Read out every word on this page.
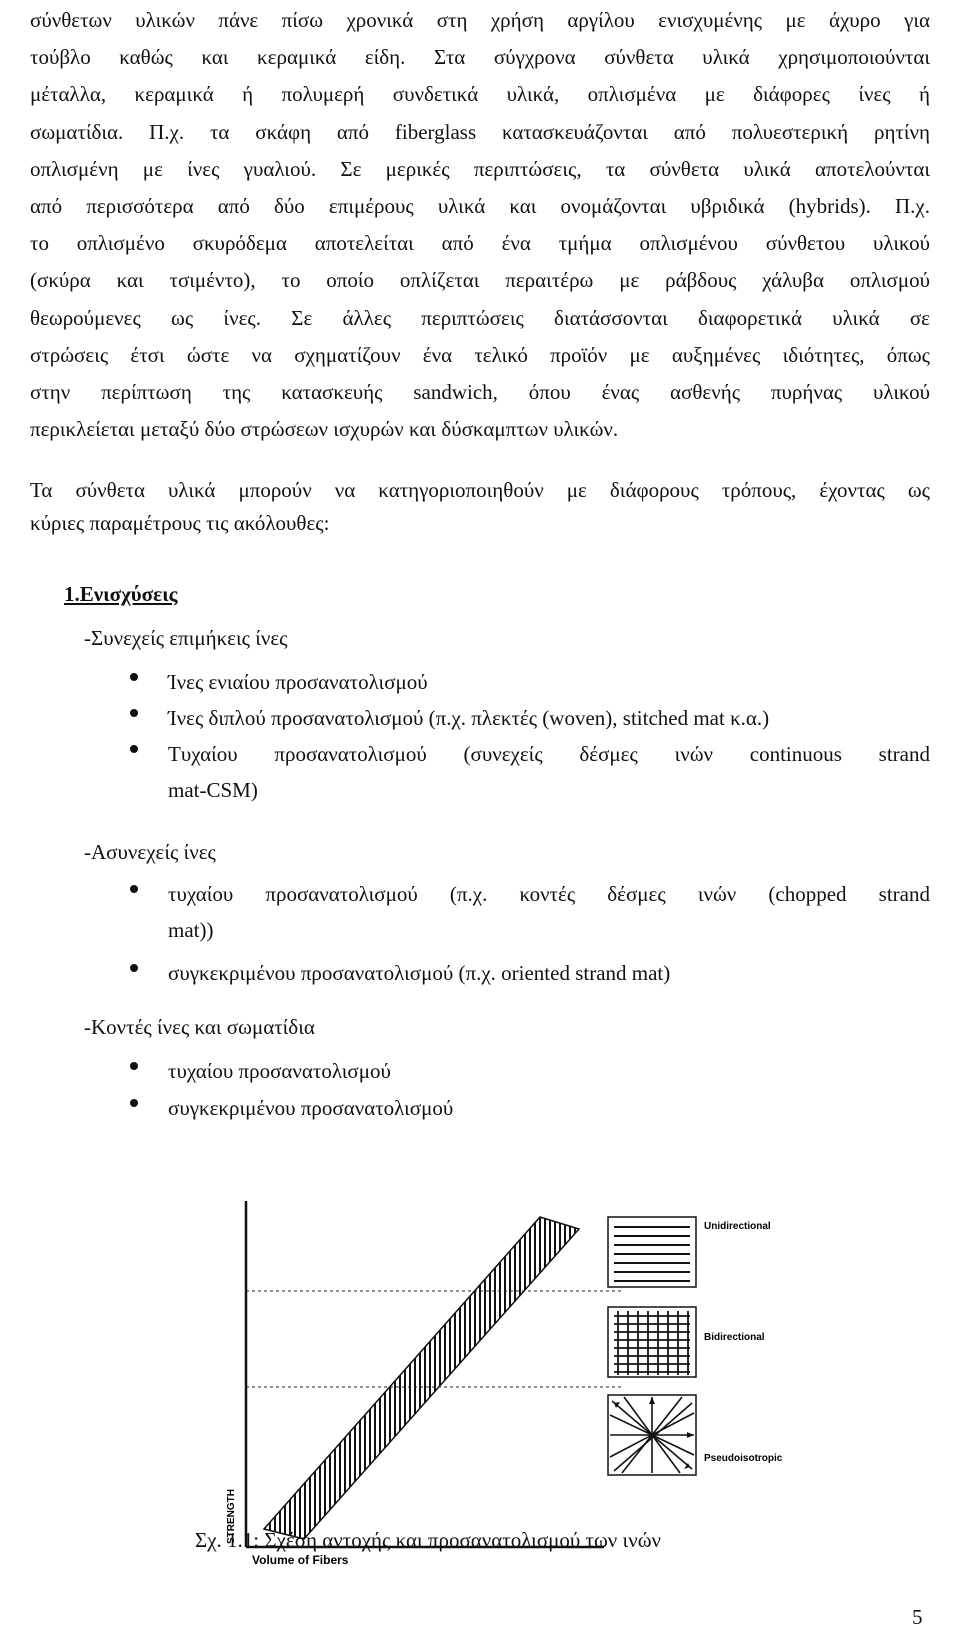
σύνθετων υλικών πάνε πίσω χρονικά στη χρήση αργίλου ενισχυμένης με άχυρο για
τούβλο καθώς και κεραμικά είδη. Στα σύγχρονα σύνθετα υλικά χρησιμοποιούνται
μέταλλα, κεραμικά ή πολυμερή συνδετικά υλικά, οπλισμένα με διάφορες ίνες ή
σωματίδια. Π.χ. τα σκάφη από fiberglass κατασκευάζονται από πολυεστερική ρητίνη
οπλισμένη με ίνες γυαλιού. Σε μερικές περιπτώσεις, τα σύνθετα υλικά αποτελούνται
από περισσότερα από δύο επιμέρους υλικά και ονομάζονται υβριδικά (hybrids). Π.χ.
το οπλισμένο σκυρόδεμα αποτελείται από ένα τμήμα οπλισμένου σύνθετου υλικού
(σκύρα και τσιμέντο), το οποίο οπλίζεται περαιτέρω με ράβδους χάλυβα οπλισμού
θεωρούμενες ως ίνες. Σε άλλες περιπτώσεις διατάσσονται διαφορετικά υλικά σε
στρώσεις έτσι ώστε να σχηματίζουν ένα τελικό προϊόν με αυξημένες ιδιότητες, όπως
στην περίπτωση της κατασκευής sandwich, όπου ένας ασθενής πυρήνας υλικού
περικλείεται μεταξύ δύο στρώσεων ισχυρών και δύσκαμπτων υλικών.
Τα σύνθετα υλικά μπορούν να κατηγοριοποιηθούν με διάφορους τρόπους, έχοντας ως
κύριες παραμέτρους τις ακόλουθες:
1.Ενισχύσεις
-Συνεχείς επιμήκεις ίνες
Ίνες ενιαίου προσανατολισμού
Ίνες διπλού προσανατολισμού (π.χ. πλεκτές (woven), stitched mat κ.α.)
Τυχαίου προσανατολισμού (συνεχείς δέσμες ινών continuous strand
mat-CSM)
-Ασυνεχείς ίνες
τυχαίου προσανατολισμού (π.χ. κοντές δέσμες ινών (chopped strand
mat))
συγκεκριμένου προσανατολισμού (π.χ. oriented strand mat)
-Κοντές ίνες και σωματίδια
τυχαίου προσανατολισμού
συγκεκριμένου προσανατολισμού
STRENGTH
Volume of Fibers
Unidirectional
Bidirectional
Pseudoisotropic
Σχ. 1.1: Σχέση αντοχής και προσανατολισμού των ινών
5
